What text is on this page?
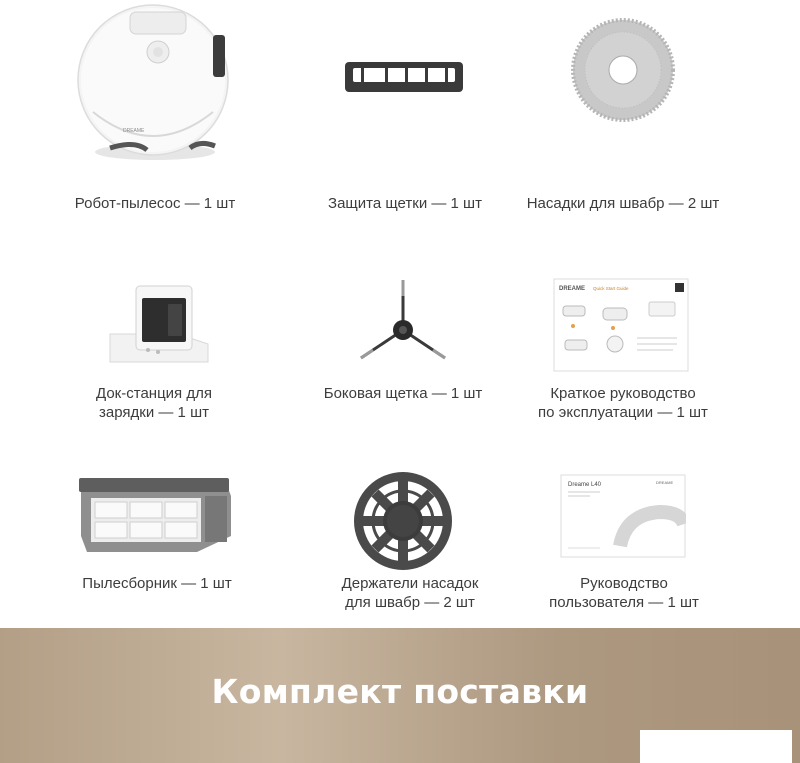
DREAME
Робот-пылесос — 1 шт	Защита щетки — 1 шт	Насадки для швабр — 2 шт
Док-станция для
зарядки — 1 шт
Боковая щетка — 1 шт
DREAME Quick Start Guide
Краткое руководство
по эксплуатации — 1 шт
Пылесборник — 1 шт	Держатели насадок
для швабр — 2 шт
Dreame L40	DREAME
Руководство
пользователя — 1 шт
Комплект поставки
